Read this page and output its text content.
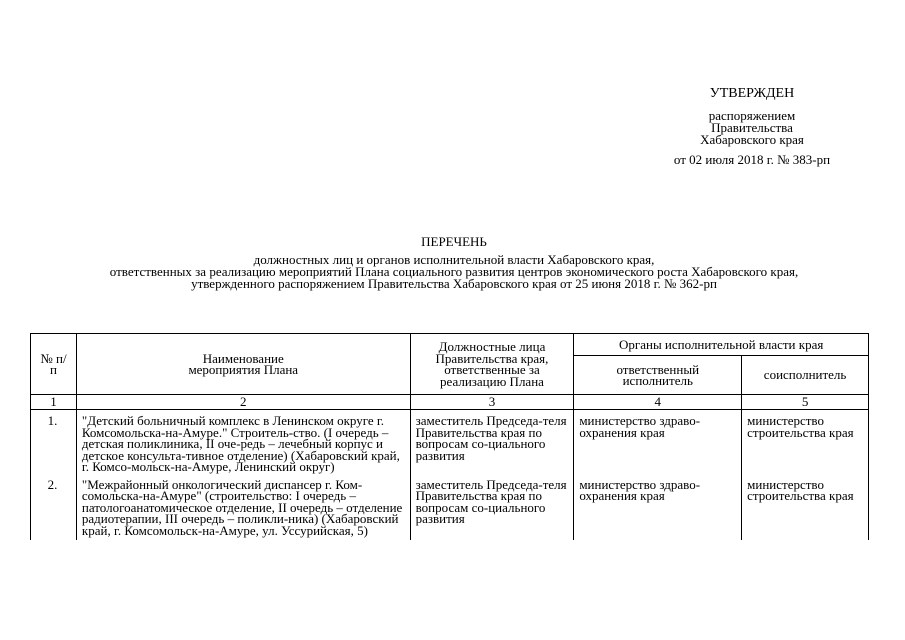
УТВЕРЖДЕН
распоряжением
Правительства
Хабаровского края
от 02 июля 2018 г. № 383-рп
ПЕРЕЧЕНЬ
должностных лиц и органов исполнительной власти Хабаровского края,
ответственных за реализацию мероприятий Плана социального развития центров экономического роста Хабаровского края,
утвержденного распоряжением Правительства Хабаровского края от 25 июня 2018 г. № 362-рп
№ п/п	Наименование мероприятия Плана	Должностные лица Правительства края, ответственные за реализацию Плана	Органы исполнительной власти края	
			ответственный исполнитель	соисполнитель
1	2	3	4	5
1.	"Детский больничный комплекс в Ленинском округе г. Комсомольска-на-Амуре." Строитель-ство. (I очередь – детская поликлиника, II оче-редь – лечебный корпус и детское консульта-тивное отделение) (Хабаровский край, г. Комсо-мольск-на-Амуре, Ленинский округ)	заместитель Председа-теля Правительства края по вопросам со-циального развития	министерство здраво-охранения края	министерство строительства края
2.	"Межрайонный онкологический диспансер г. Ком-сомольска-на-Амуре" (строительство: I очередь – патологоанатомическое отделение, II очередь – отделение радиотерапии, III очередь – поликли-ника) (Хабаровский край, г. Комсомольск-на-Амуре, ул. Уссурийская, 5)	заместитель Председа-теля Правительства края по вопросам со-циального развития	министерство здраво-охранения края	министерство строительства края
